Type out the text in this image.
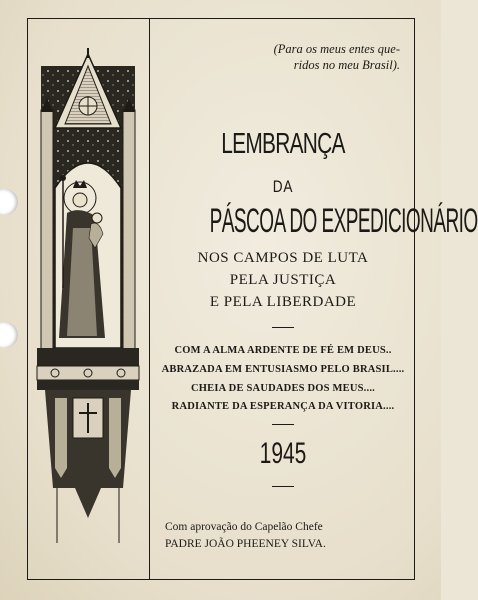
(Para os meus entes que-
ridos no meu Brasil).
LEMBRANÇA
DA
PÁSCOA DO EXPEDICIONÁRIO
NOS CAMPOS DE LUTA
PELA JUSTIÇA
E PELA LIBERDADE
COM A ALMA ARDENTE DE FÉ EM DEUS..
ABRAZADA EM ENTUSIASMO PELO BRASIL....
CHEIA DE SAUDADES DOS MEUS....
RADIANTE DA ESPERANÇA DA VITORIA....
1945
Com aprovação do Capelão Chefe
PADRE JOÃO PHEENEY SILVA.
